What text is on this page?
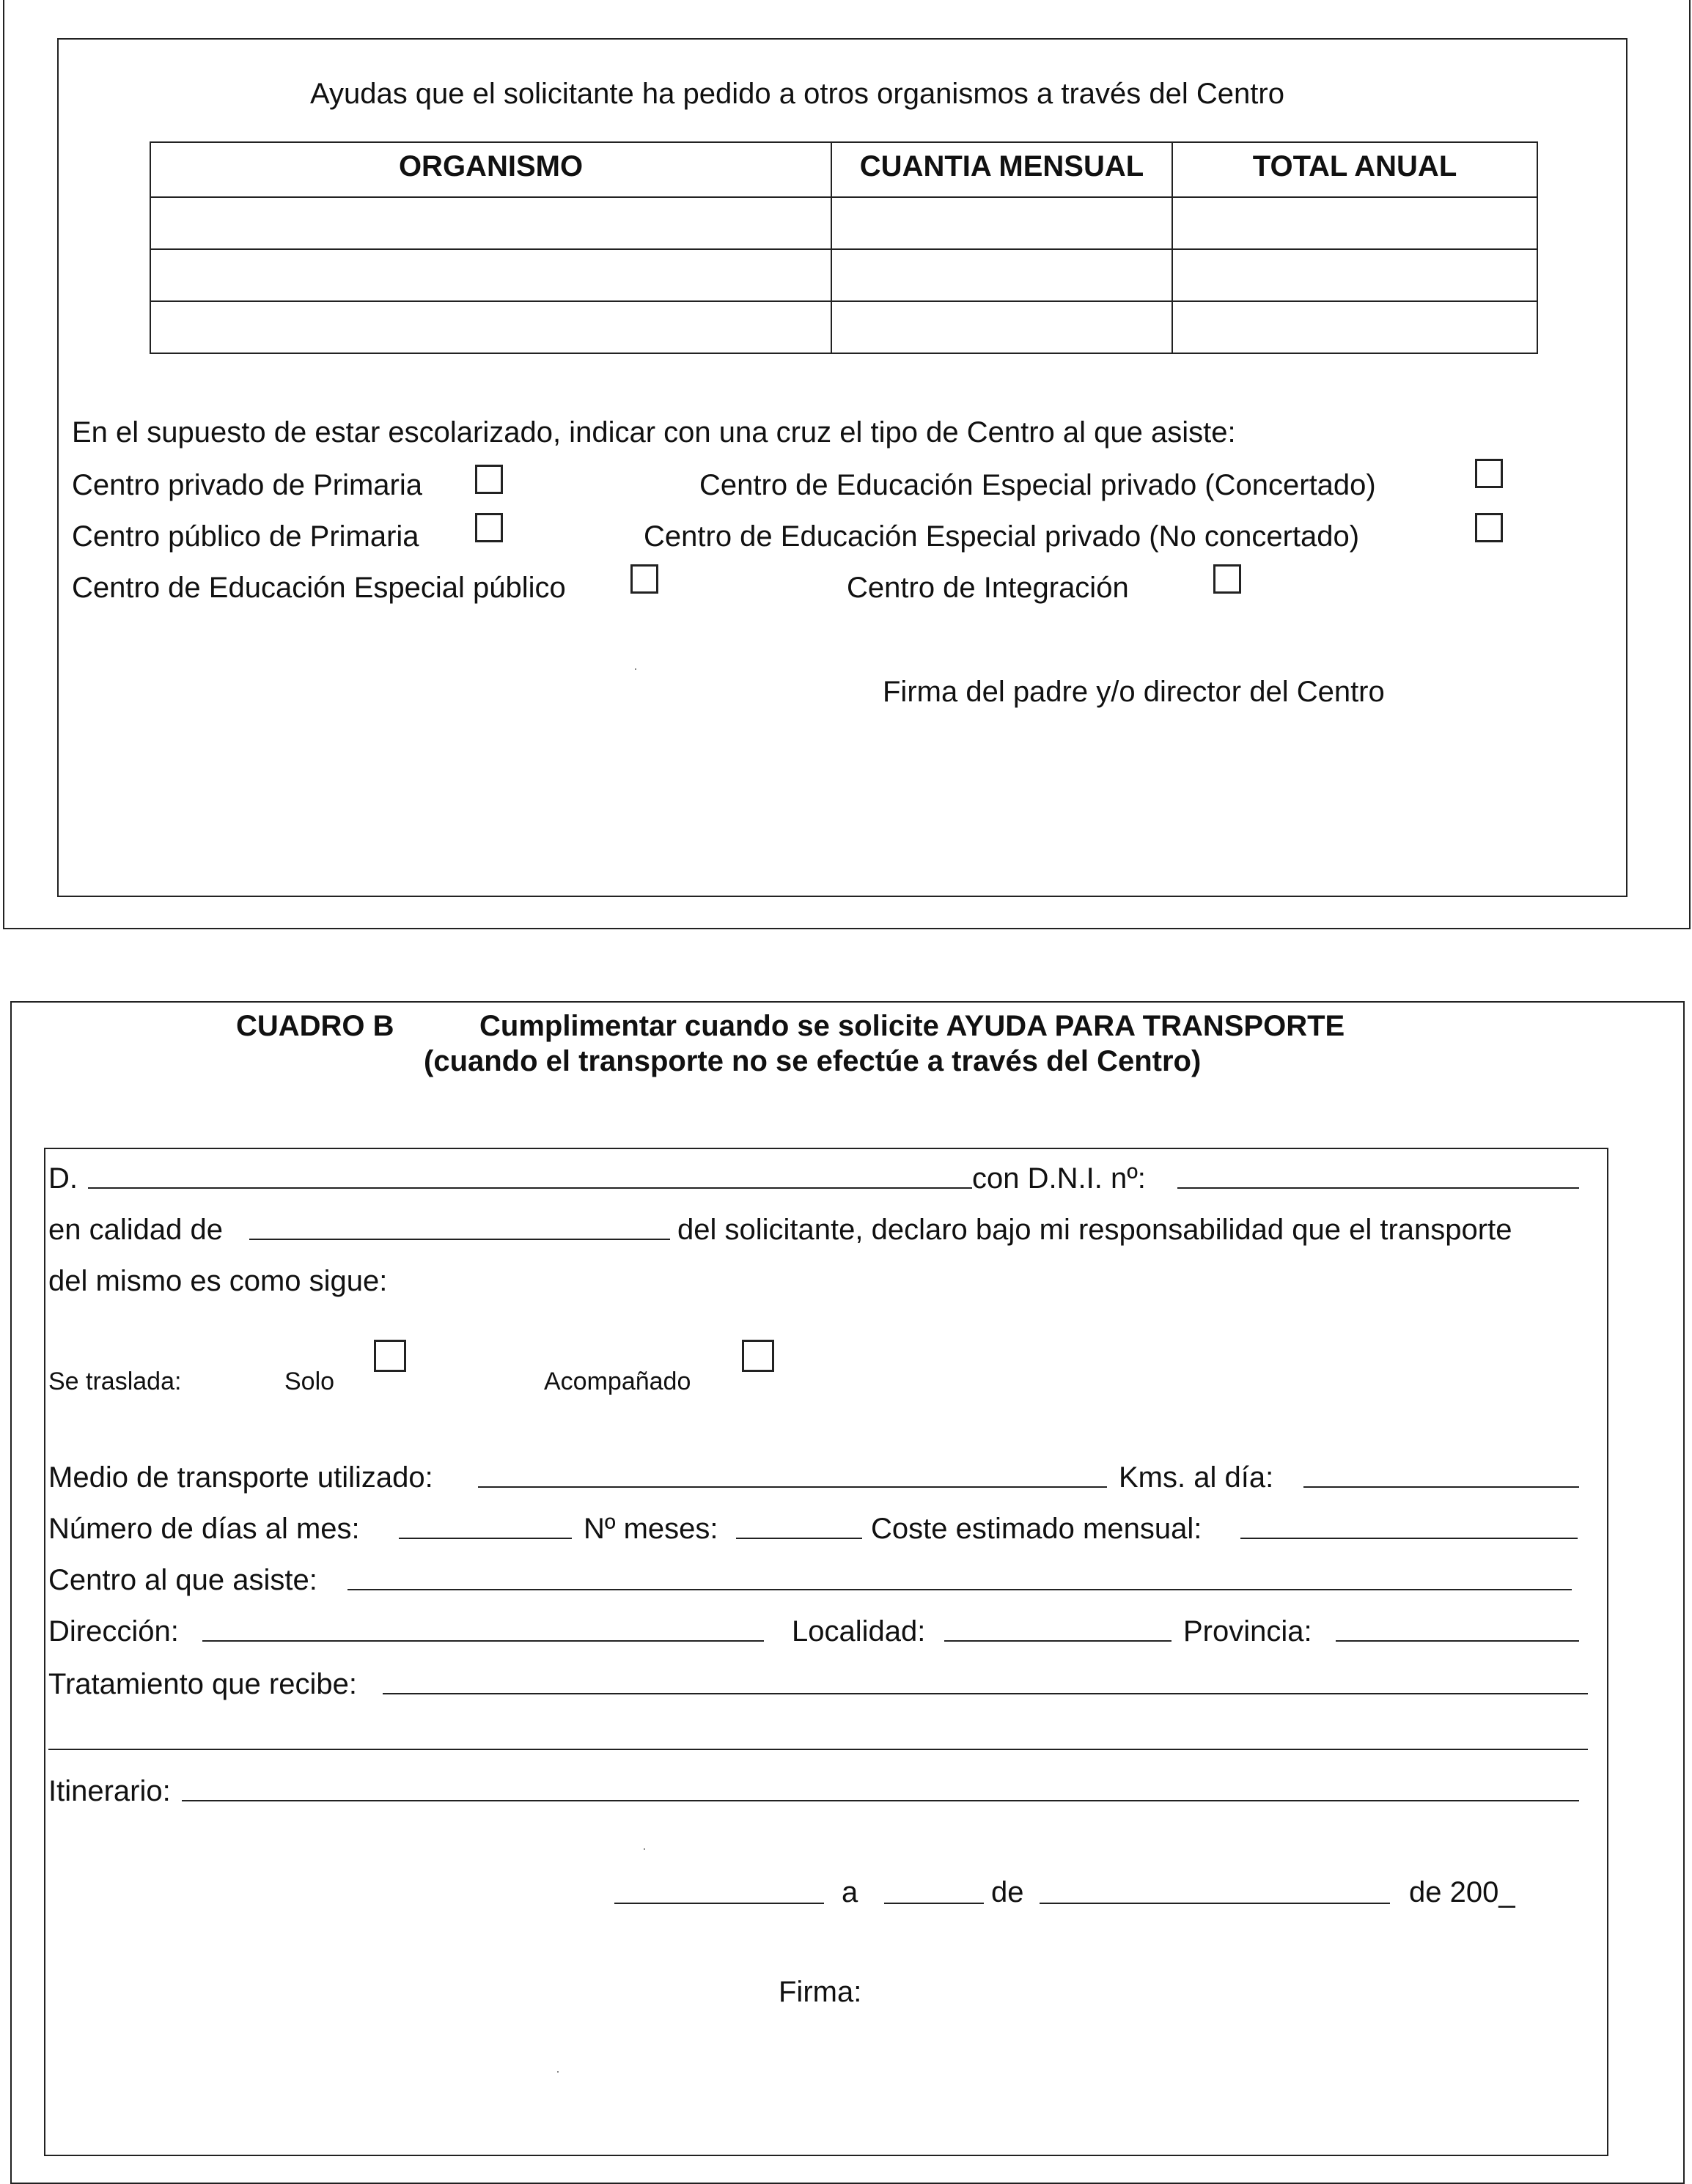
Ayudas que el solicitante ha pedido a otros organismos a través del Centro
ORGANISMO	CUANTIA MENSUAL	TOTAL ANUAL

En el supuesto de estar escolarizado, indicar con una cruz el tipo de Centro al que asiste:
Centro privado de Primaria	Centro de Educación Especial privado (Concertado)
Centro público de Primaria	Centro de Educación Especial privado (No concertado)
Centro de Educación Especial público	Centro de Integración
Firma del padre y/o director del Centro
CUADRO B	Cumplimentar cuando se solicite AYUDA PARA TRANSPORTE
(cuando el transporte no se efectúe a través del Centro)
D.	con D.N.I. nº:
en calidad de	del solicitante, declaro bajo mi responsabilidad que el transporte
del mismo es como sigue:
Se traslada:	Solo	Acompañado
Medio de transporte utilizado:	Kms. al día:
Número de días al mes:	Nº meses:	Coste estimado mensual:
Centro al que asiste:
Dirección:	Localidad:	Provincia:
Tratamiento que recibe:
Itinerario:
a	de	de 200_
Firma:
